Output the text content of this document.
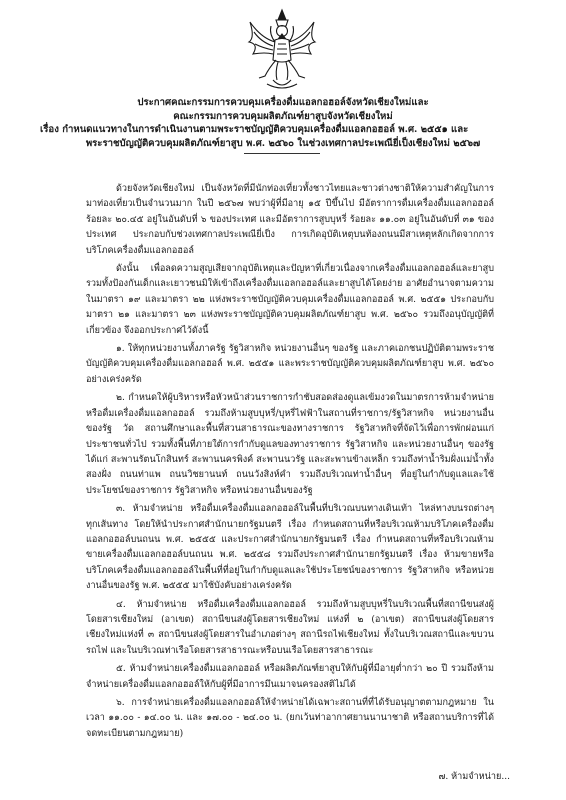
ประกาศคณะกรรมการควบคุมเครื่องดื่มแอลกอฮอล์จังหวัดเชียงใหม่และ
คณะกรรมการควบคุมผลิตภัณฑ์ยาสูบจังหวัดเชียงใหม่
เรื่อง กำหนดแนวทางในการดำเนินงานตามพระราชบัญญัติควบคุมเครื่องดื่มแอลกอฮอล์ พ.ศ. ๒๕๕๑ และ
พระราชบัญญัติควบคุมผลิตภัณฑ์ยาสูบ พ.ศ. ๒๕๖๐ ในช่วงเทศกาลประเพณียี่เป็งเชียงใหม่ ๒๕๖๗

ด้วยจังหวัดเชียงใหม่ เป็นจังหวัดที่มีนักท่องเที่ยวทั้งชาวไทยและชาวต่างชาติให้ความสำคัญในการมาท่องเที่ยวเป็นจำนวนมาก ในปี ๒๕๖๗ พบว่าผู้ที่มีอายุ ๑๕ ปีขึ้นไป มีอัตราการดื่มเครื่องดื่มแอลกอฮอล์ร้อยละ ๒๐.๔๕ อยู่ในอันดับที่ ๖ ของประเทศ และมีอัตราการสูบบุหรี่ ร้อยละ ๑๑.๐๓ อยู่ในอันดับที่ ๓๑ ของประเทศ ประกอบกับช่วงเทศกาลประเพณียี่เป็ง การเกิดอุบัติเหตุบนท้องถนนมีสาเหตุหลักเกิดจากการบริโภคเครื่องดื่มแอลกอฮอล์

ดังนั้น เพื่อลดความสูญเสียจากอุบัติเหตุและปัญหาที่เกี่ยวเนื่องจากเครื่องดื่มแอลกอฮอล์และยาสูบ รวมทั้งป้องกันเด็กและเยาวชนมิให้เข้าถึงเครื่องดื่มแอลกอฮอล์และยาสูบได้โดยง่าย อาศัยอำนาจตามความในมาตรา ๑๙ และมาตรา ๒๒ แห่งพระราชบัญญัติควบคุมเครื่องดื่มแอลกอฮอล์ พ.ศ. ๒๕๕๑ ประกอบกับมาตรา ๒๑ และมาตรา ๒๓ แห่งพระราชบัญญัติควบคุมผลิตภัณฑ์ยาสูบ พ.ศ. ๒๕๖๐ รวมถึงอนุบัญญัติที่เกี่ยวข้อง จึงออกประกาศไว้ดังนี้

๑. ให้ทุกหน่วยงานทั้งภาครัฐ รัฐวิสาหกิจ หน่วยงานอื่นๆ ของรัฐ และภาคเอกชนปฏิบัติตามพระราชบัญญัติควบคุมเครื่องดื่มแอลกอฮอล์ พ.ศ. ๒๕๕๑ และพระราชบัญญัติควบคุมผลิตภัณฑ์ยาสูบ พ.ศ. ๒๕๖๐ อย่างเคร่งครัด

๒. กำหนดให้ผู้บริหารหรือหัวหน้าส่วนราชการกำชับสอดส่องดูแลเข้มงวดในมาตรการห้ามจำหน่าย หรือดื่มเครื่องดื่มแอลกอฮอล์ รวมถึงห้ามสูบบุหรี่/บุหรี่ไฟฟ้าในสถานที่ราชการ/รัฐวิสาหกิจ หน่วยงานอื่นของรัฐ วัด สถานศึกษาและพื้นที่สวนสาธารณะของทางราชการ รัฐวิสาหกิจที่จัดไว้เพื่อการพักผ่อนแก่ประชาชนทั่วไป รวมทั้งพื้นที่ภายใต้การกำกับดูแลของทางราชการ รัฐวิสาหกิจ และหน่วยงานอื่นๆ ของรัฐ ได้แก่ สะพานรัตนโกสินทร์ สะพานนครพิงค์ สะพานนวรัฐ และสะพานข้างเหล็ก รวมถึงท่าน้ำริมฝั่งแม่น้ำทั้งสองฝั่ง ถนนท่าแพ ถนนวิชยานนท์ ถนนวังสิงห์คำ รวมถึงบริเวณท่าน้ำอื่นๆ ที่อยู่ในกำกับดูแลและใช้ประโยชน์ของราชการ รัฐวิสาหกิจ หรือหน่วยงานอื่นของรัฐ

๓. ห้ามจำหน่าย หรือดื่มเครื่องดื่มแอลกอฮอล์ในพื้นที่บริเวณบนทางเดินเท้า ไหล่ทางบนรถต่างๆ ทุกเส้นทาง โดยให้นำประกาศสำนักนายกรัฐมนตรี เรื่อง กำหนดสถานที่หรือบริเวณห้ามบริโภคเครื่องดื่มแอลกอฮอล์บนถนน พ.ศ. ๒๕๕๕ และประกาศสำนักนายกรัฐมนตรี เรื่อง กำหนดสถานที่หรือบริเวณห้ามขายเครื่องดื่มแอลกอฮอล์บนถนน พ.ศ. ๒๕๕๘ รวมถึงประกาศสำนักนายกรัฐมนตรี เรื่อง ห้ามขายหรือบริโภคเครื่องดื่มแอลกอฮอล์ในพื้นที่ที่อยู่ในกำกับดูแลและใช้ประโยชน์ของราชการ รัฐวิสาหกิจ หรือหน่วยงานอื่นของรัฐ พ.ศ. ๒๕๕๕ มาใช้บังคับอย่างเคร่งครัด

๔. ห้ามจำหน่าย หรือดื่มเครื่องดื่มแอลกอฮอล์ รวมถึงห้ามสูบบุหรี่ในบริเวณพื้นที่สถานีขนส่งผู้โดยสารเชียงใหม่ (อาเขต) สถานีขนส่งผู้โดยสารเชียงใหม่ แห่งที่ ๒ (อาเขต) สถานีขนส่งผู้โดยสารเชียงใหม่แห่งที่ ๓ สถานีขนส่งผู้โดยสารในอำเภอต่างๆ สถานีรถไฟเชียงใหม่ ทั้งในบริเวณสถานีและขบวนรถไฟ และในบริเวณท่าเรือโดยสารสาธารณะหรือบนเรือโดยสารสาธารณะ

๕. ห้ามจำหน่ายเครื่องดื่มแอลกอฮอล์ หรือผลิตภัณฑ์ยาสูบให้กับผู้ที่มีอายุต่ำกว่า ๒๐ ปี รวมถึงห้ามจำหน่ายเครื่องดื่มแอลกอฮอล์ให้กับผู้ที่มีอาการมึนเมาจนครองสติไม่ได้

๖. การจำหน่ายเครื่องดื่มแอลกอฮอล์ให้จำหน่ายได้เฉพาะสถานที่ที่ได้รับอนุญาตตามกฎหมาย ในเวลา ๑๑.๐๐ - ๑๔.๐๐ น. และ ๑๗.๐๐ - ๒๔.๐๐ น. (ยกเว้นท่าอากาศยานนานาชาติ หรือสถานบริการที่ได้จดทะเบียนตามกฎหมาย)

๗. ห้ามจำหน่าย...
